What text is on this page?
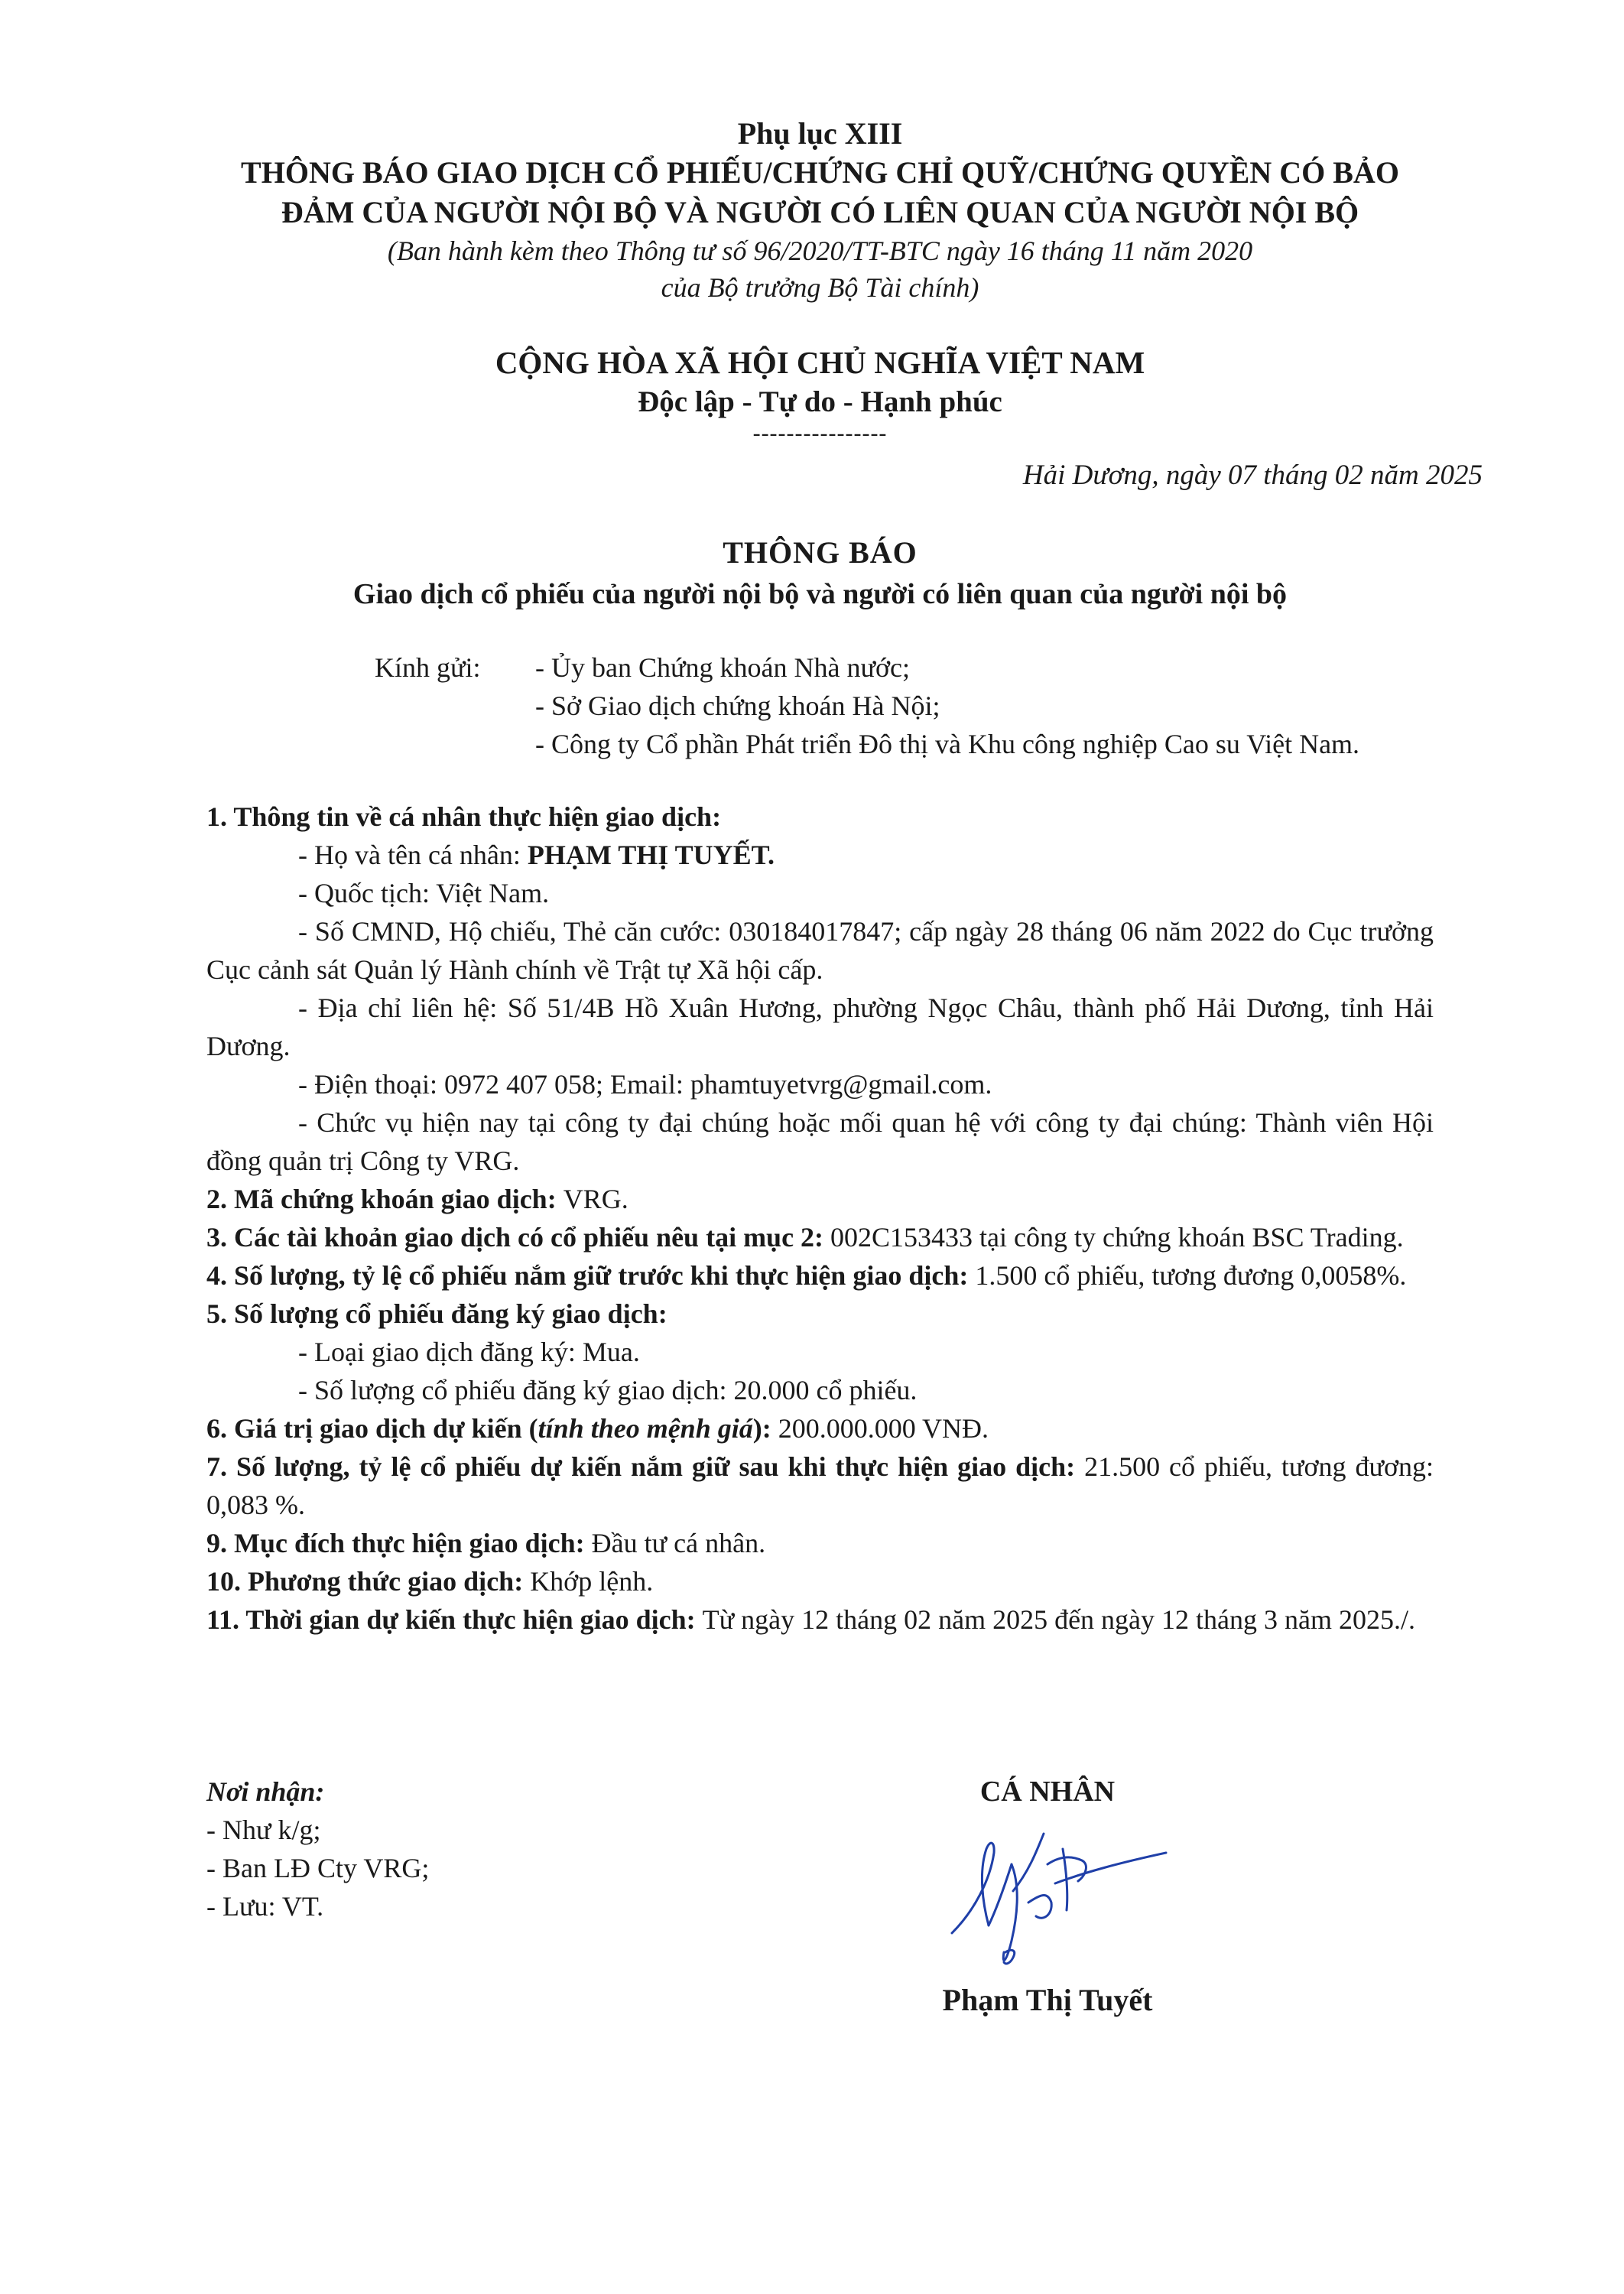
Phụ lục XIII
THÔNG BÁO GIAO DỊCH CỔ PHIẾU/CHỨNG CHỈ QUỸ/CHỨNG QUYỀN CÓ BẢO
ĐẢM CỦA NGƯỜI NỘI BỘ VÀ NGƯỜI CÓ LIÊN QUAN CỦA NGƯỜI NỘI BỘ
(Ban hành kèm theo Thông tư số 96/2020/TT-BTC ngày 16 tháng 11 năm 2020
của Bộ trưởng Bộ Tài chính)
CỘNG HÒA XÃ HỘI CHỦ NGHĨA VIỆT NAM
Độc lập - Tự do - Hạnh phúc
----------------
Hải Dương, ngày 07 tháng 02 năm 2025
THÔNG BÁO
Giao dịch cổ phiếu của người nội bộ và người có liên quan của người nội bộ
Kính gửi:	- Ủy ban Chứng khoán Nhà nước;
- Sở Giao dịch chứng khoán Hà Nội;
- Công ty Cổ phần Phát triển Đô thị và Khu công nghiệp Cao su Việt Nam.

1. Thông tin về cá nhân thực hiện giao dịch:

- Họ và tên cá nhân: PHẠM THỊ TUYẾT.

- Quốc tịch: Việt Nam.

- Số CMND, Hộ chiếu, Thẻ căn cước: 030184017847; cấp ngày 28 tháng 06 năm 2022 do Cục trưởng Cục cảnh sát Quản lý Hành chính về Trật tự Xã hội cấp.

- Địa chỉ liên hệ: Số 51/4B Hồ Xuân Hương, phường Ngọc Châu, thành phố Hải Dương, tỉnh Hải Dương.

- Điện thoại: 0972 407 058; Email: phamtuyetvrg@gmail.com.

- Chức vụ hiện nay tại công ty đại chúng hoặc mối quan hệ với công ty đại chúng: Thành viên Hội đồng quản trị Công ty VRG.

2. Mã chứng khoán giao dịch: VRG.

3. Các tài khoản giao dịch có cổ phiếu nêu tại mục 2: 002C153433 tại công ty chứng khoán BSC Trading.

4. Số lượng, tỷ lệ cổ phiếu nắm giữ trước khi thực hiện giao dịch: 1.500 cổ phiếu, tương đương 0,0058%.

5. Số lượng cổ phiếu đăng ký giao dịch:

- Loại giao dịch đăng ký: Mua.

- Số lượng cổ phiếu đăng ký giao dịch: 20.000 cổ phiếu.

6. Giá trị giao dịch dự kiến (tính theo mệnh giá): 200.000.000 VNĐ.

7. Số lượng, tỷ lệ cổ phiếu dự kiến nắm giữ sau khi thực hiện giao dịch: 21.500 cổ phiếu, tương đương: 0,083 %.

9. Mục đích thực hiện giao dịch: Đầu tư cá nhân.

10. Phương thức giao dịch: Khớp lệnh.

11. Thời gian dự kiến thực hiện giao dịch: Từ ngày 12 tháng 02 năm 2025 đến ngày 12 tháng 3 năm 2025./.

Nơi nhận:
- Như k/g;
- Ban LĐ Cty VRG;
- Lưu: VT.
CÁ NHÂN
Phạm Thị Tuyết
